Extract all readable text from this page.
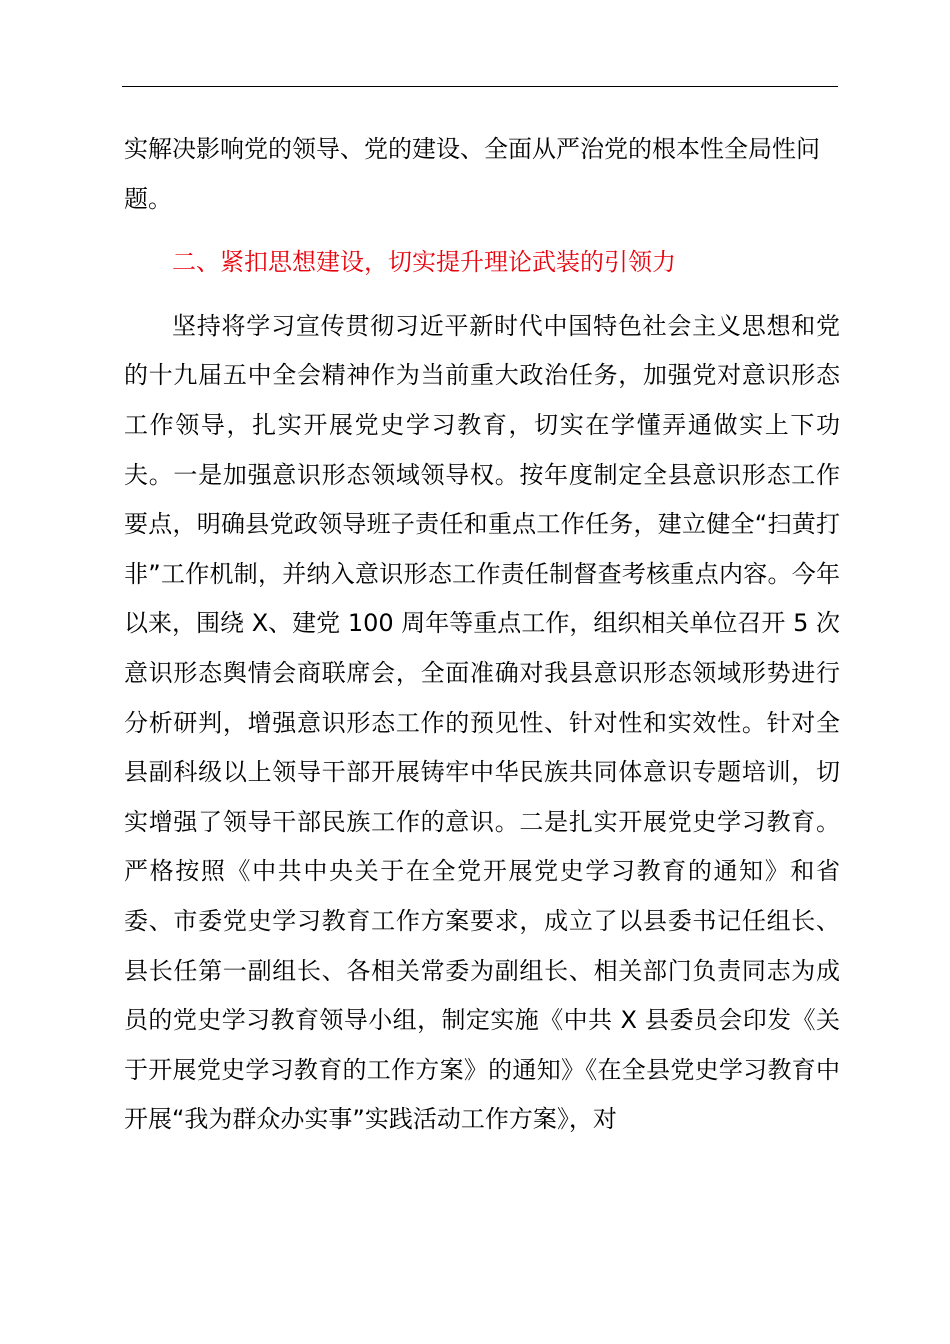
实解决影响党的领导、党的建设、全面从严治党的根本性全局性问题。

二、紧扣思想建设，切实提升理论武装的引领力

坚持将学习宣传贯彻习近平新时代中国特色社会主义思想和党的十九届五中全会精神作为当前重大政治任务，加强党对意识形态工作领导，扎实开展党史学习教育，切实在学懂弄通做实上下功夫。一是加强意识形态领域领导权。按年度制定全县意识形态工作要点，明确县党政领导班子责任和重点工作任务，建立健全“扫黄打非”工作机制，并纳入意识形态工作责任制督查考核重点内容。今年以来，围绕 X、建党 100 周年等重点工作，组织相关单位召开 5 次意识形态舆情会商联席会，全面准确对我县意识形态领域形势进行分析研判，增强意识形态工作的预见性、针对性和实效性。针对全县副科级以上领导干部开展铸牢中华民族共同体意识专题培训，切实增强了领导干部民族工作的意识。二是扎实开展党史学习教育。严格按照《中共中央关于在全党开展党史学习教育的通知》和省委、市委党史学习教育工作方案要求，成立了以县委书记任组长、县长任第一副组长、各相关常委为副组长、相关部门负责同志为成员的党史学习教育领导小组，制定实施《中共 X 县委员会印发《关于开展党史学习教育的工作方案》的通知》《在全县党史学习教育中开展“我为群众办实事”实践活动工作方案》，对
